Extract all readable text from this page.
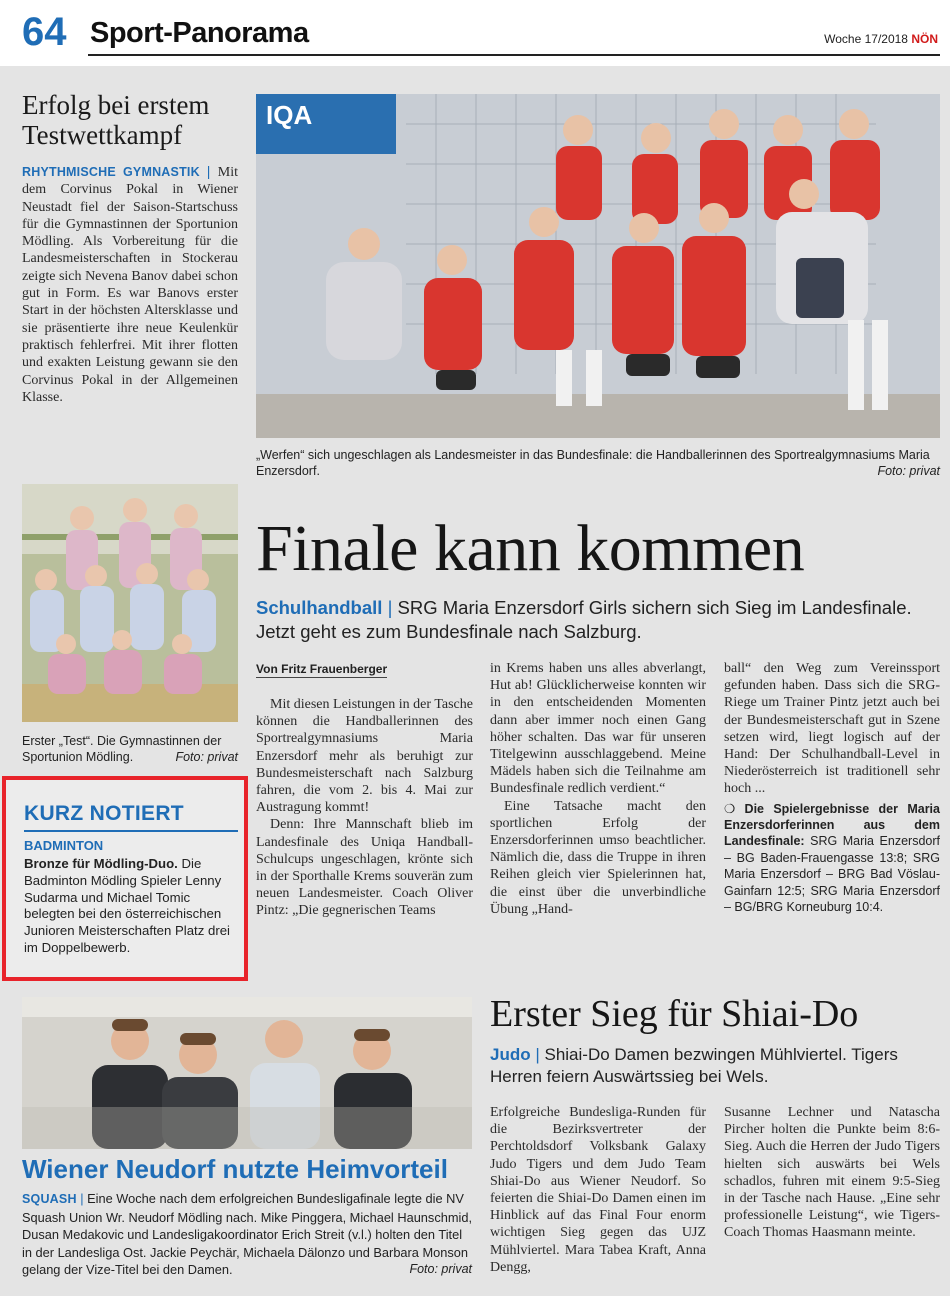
64 Sport-Panorama	Woche 17/2018 NÖN
Erfolg bei erstem Testwettkampf
RHYTHMISCHE GYMNASTIK | Mit dem Corvinus Pokal in Wiener Neustadt fiel der Saison-Startschuss für die Gymnastinnen der Sportunion Mödling. Als Vorbereitung für die Landesmeisterschaften in Stockerau zeigte sich Nevena Banov dabei schon gut in Form. Es war Banovs erster Start in der höchsten Altersklasse und sie präsentierte ihre neue Keulenkür praktisch fehlerfrei. Mit ihrer flotten und exakten Leistung gewann sie den Corvinus Pokal in der Allgemeinen Klasse.
Erster „Test“. Die Gymnastinnen der Sportunion Mödling.	Foto: privat
KURZ NOTIERT
BADMINTON
Bronze für Mödling-Duo. Die Badminton Mödling Spieler Lenny Sudarma und Michael Tomic belegten bei den österreichischen Junioren Meisterschaften Platz drei im Doppelbewerb.
IQA
„Werfen“ sich ungeschlagen als Landesmeister in das Bundesfinale: die Handballerinnen des Sportrealgymnasiums Maria Enzersdorf.	Foto: privat
Finale kann kommen
Schulhandball | SRG Maria Enzersdorf Girls sichern sich Sieg im Landesfinale. Jetzt geht es zum Bundesfinale nach Salzburg.
Von Fritz Frauenberger
Mit diesen Leistungen in der Tasche können die Handballerinnen des Sportrealgymnasiums Maria Enzersdorf mehr als beruhigt zur Bundesmeisterschaft nach Salzburg fahren, die vom 2. bis 4. Mai zur Austragung kommt!
Denn: Ihre Mannschaft blieb im Landesfinale des Uniqa Handball-Schulcups ungeschlagen, krönte sich in der Sporthalle Krems souverän zum neuen Landesmeister. Coach Oliver Pintz: „Die gegnerischen Teams
in Krems haben uns alles abverlangt, Hut ab! Glücklicherweise konnten wir in den entscheidenden Momenten dann aber immer noch einen Gang höher schalten. Das war für unseren Titelgewinn ausschlaggebend. Meine Mädels haben sich die Teilnahme am Bundesfinale redlich verdient.“
Eine Tatsache macht den sportlichen Erfolg der Enzersdorferinnen umso beachtlicher. Nämlich die, dass die Truppe in ihren Reihen gleich vier Spielerinnen hat, die einst über die unverbindliche Übung „Hand-
ball“ den Weg zum Vereinssport gefunden haben. Dass sich die SRG-Riege um Trainer Pintz jetzt auch bei der Bundesmeisterschaft gut in Szene setzen wird, liegt logisch auf der Hand: Der Schulhandball-Level in Niederösterreich ist traditionell sehr hoch ...
❍ Die Spielergebnisse der Maria Enzersdorferinnen aus dem Landesfinale: SRG Maria Enzersdorf – BG Baden-Frauengasse 13:8; SRG Maria Enzersdorf – BRG Bad Vöslau-Gainfarn 12:5; SRG Maria Enzersdorf – BG/BRG Korneuburg 10:4.
Erster Sieg für Shiai-Do
Judo | Shiai-Do Damen bezwingen Mühlviertel. Tigers Herren feiern Auswärtssieg bei Wels.
Erfolgreiche Bundesliga-Runden für die Bezirksvertreter der Perchtoldsdorf Volksbank Galaxy Judo Tigers und dem Judo Team Shiai-Do aus Wiener Neudorf. So feierten die Shiai-Do Damen einen im Hinblick auf das Final Four enorm wichtigen Sieg gegen das UJZ Mühlviertel. Mara Tabea Kraft, Anna Dengg,
Susanne Lechner und Natascha Pircher holten die Punkte beim 8:6-Sieg. Auch die Herren der Judo Tigers hielten sich auswärts bei Wels schadlos, fuhren mit einem 9:5-Sieg in der Tasche nach Hause. „Eine sehr professionelle Leistung“, wie Tigers-Coach Thomas Haasmann meinte.
Wiener Neudorf nutzte Heimvorteil
SQUASH | Eine Woche nach dem erfolgreichen Bundesligafinale legte die NV Squash Union Wr. Neudorf Mödling nach. Mike Pinggera, Michael Haunschmid, Dusan Medakovic und Landesligakoordinator Erich Streit (v.l.) holten den Titel in der Landesliga Ost. Jackie Peychär, Michaela Dälonzo und Barbara Monson gelang der Vize-Titel bei den Damen.	Foto: privat
